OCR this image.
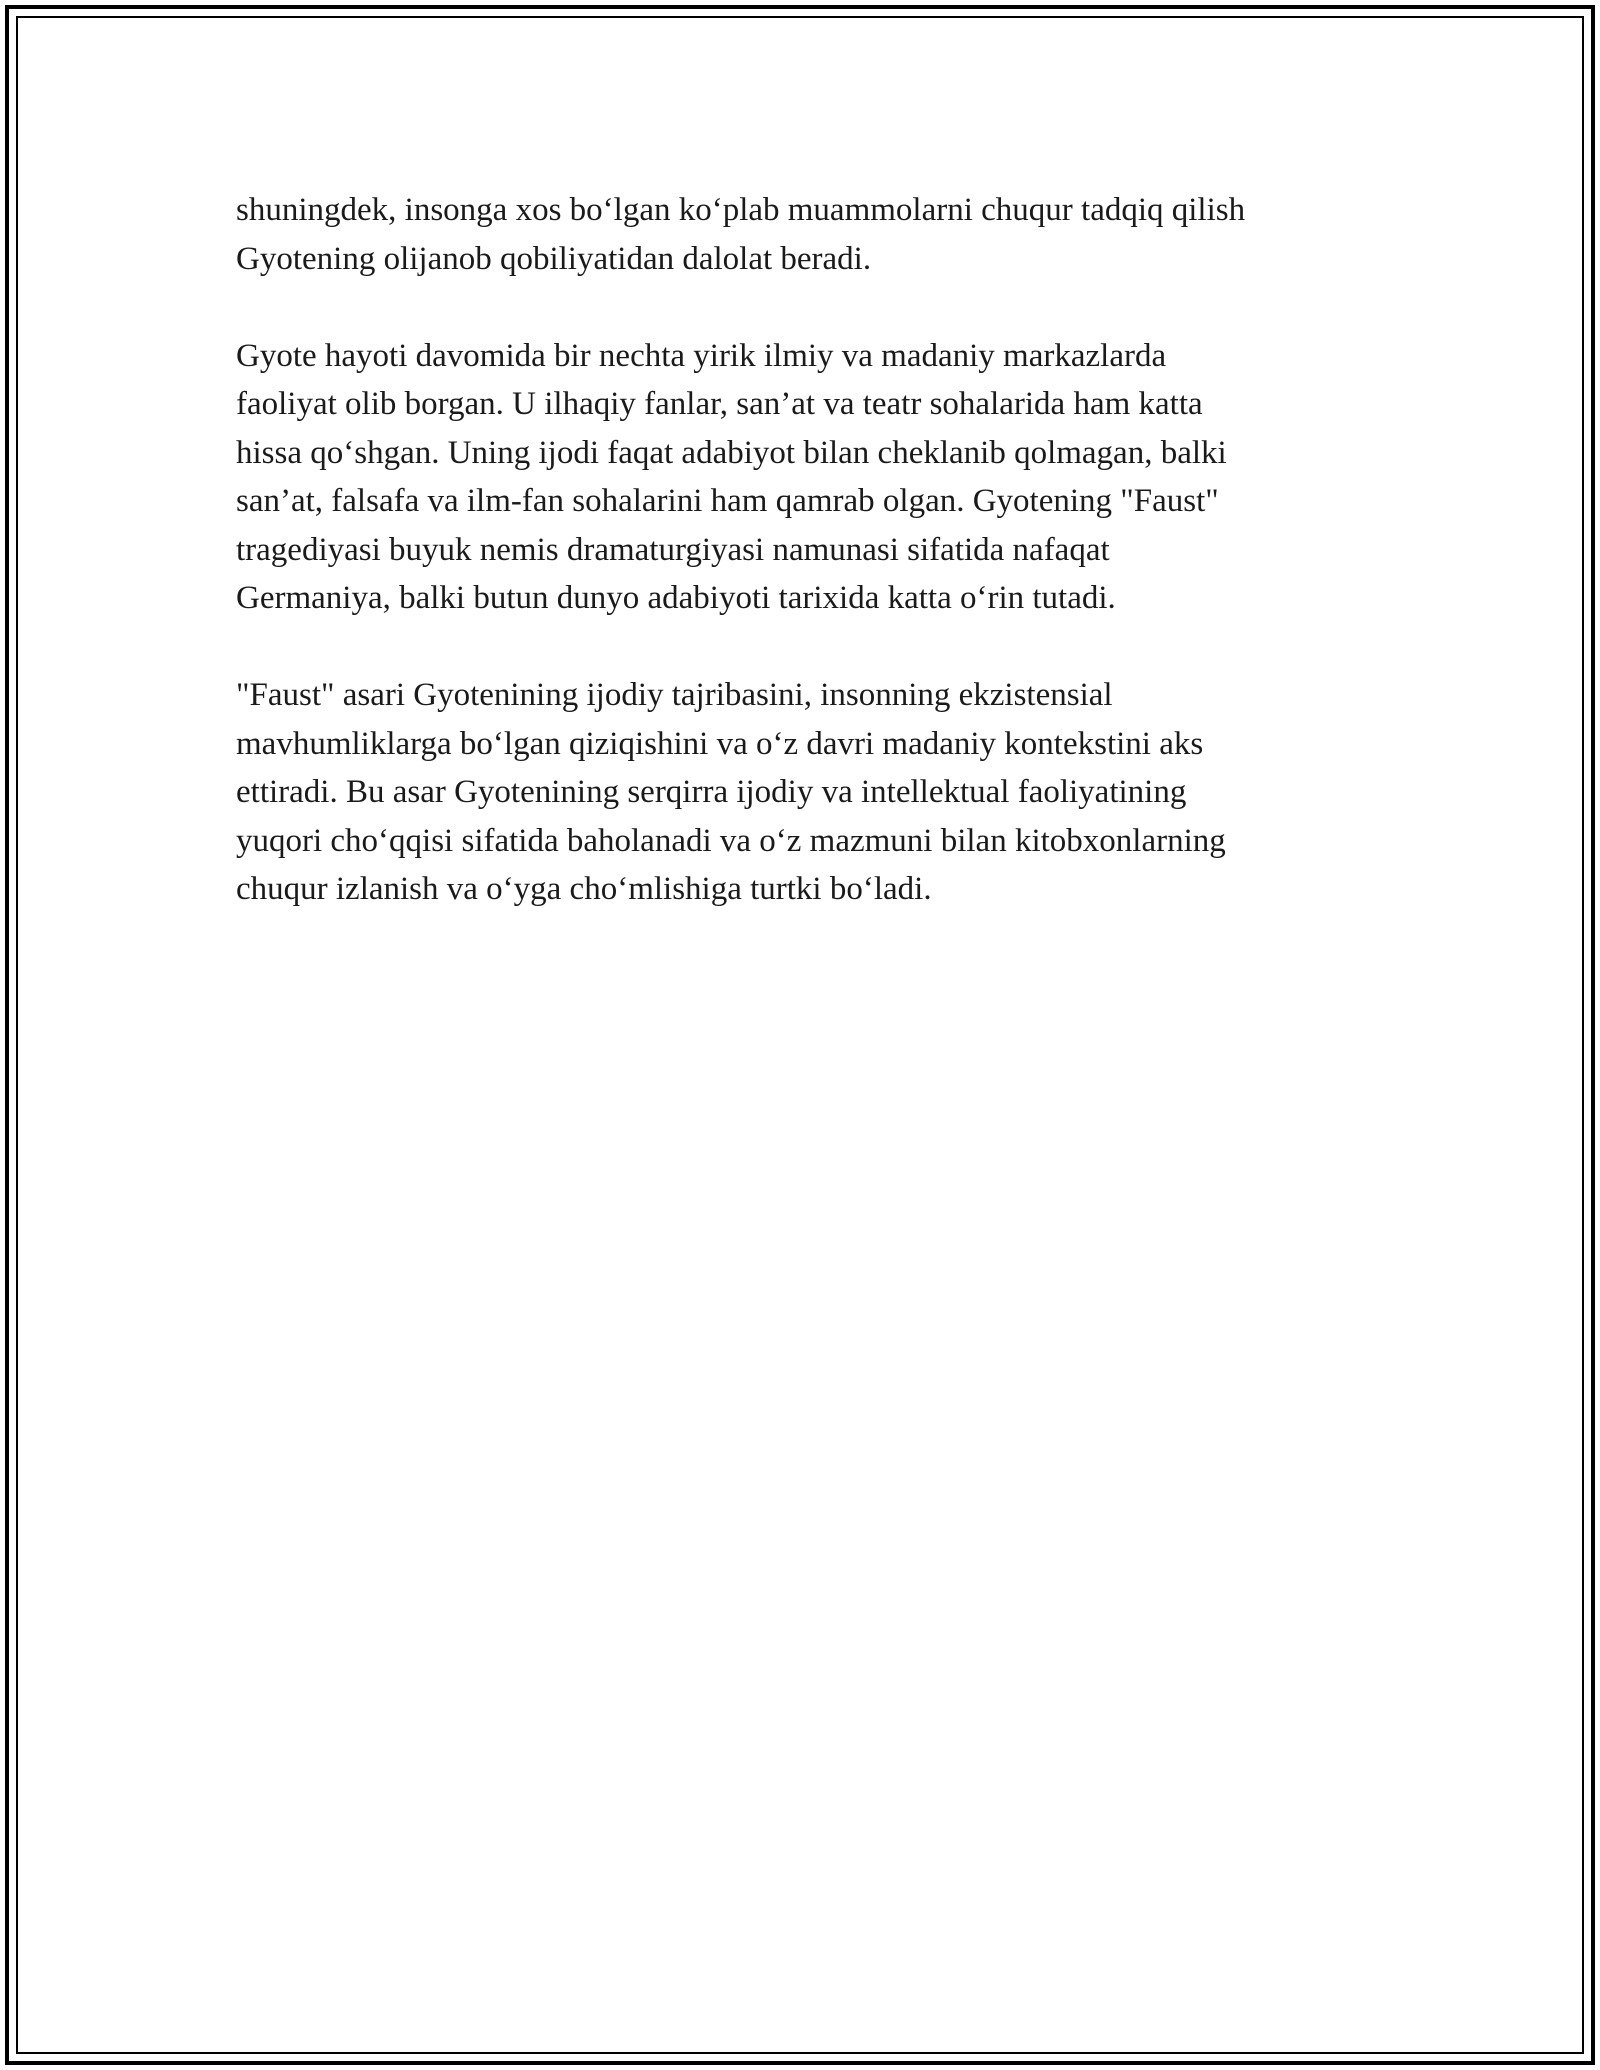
shuningdek, insonga xos bo‘lgan ko‘plab muammolarni chuqur tadqiq qilish
Gyotening olijanob qobiliyatidan dalolat beradi.

Gyote hayoti davomida bir nechta yirik ilmiy va madaniy markazlarda
faoliyat olib borgan. U ilhaqiy fanlar, san’at va teatr sohalarida ham katta
hissa qo‘shgan. Uning ijodi faqat adabiyot bilan cheklanib qolmagan, balki
san’at, falsafa va ilm-fan sohalarini ham qamrab olgan. Gyotening "Faust"
tragediyasi buyuk nemis dramaturgiyasi namunasi sifatida nafaqat
Germaniya, balki butun dunyo adabiyoti tarixida katta o‘rin tutadi.

"Faust" asari Gyotenining ijodiy tajribasini, insonning ekzistensial
mavhumliklarga bo‘lgan qiziqishini va o‘z davri madaniy kontekstini aks
ettiradi. Bu asar Gyotenining serqirra ijodiy va intellektual faoliyatining
yuqori cho‘qqisi sifatida baholanadi va o‘z mazmuni bilan kitobxonlarning
chuqur izlanish va o‘yga cho‘mlishiga turtki bo‘ladi.
